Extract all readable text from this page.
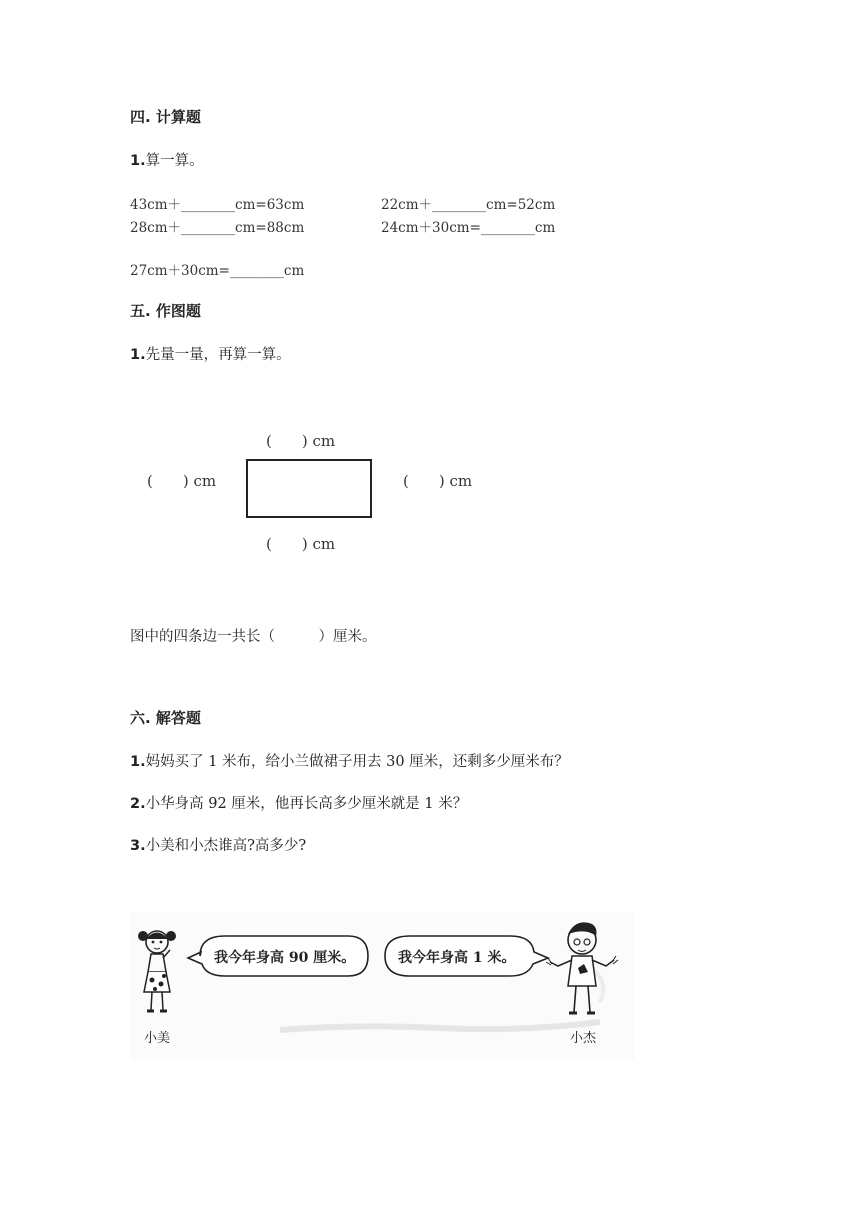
四. 计算题
1.算一算。
43cm＋________cm=63cm	22cm＋________cm=52cm
28cm＋________cm=88cm	24cm＋30cm=________cm
27cm＋30cm=________cm
五. 作图题
1.先量一量，再算一算。
(　　) cm
(　　) cm	(　　) cm
(　　) cm
图中的四条边一共长（　　　）厘米。
六. 解答题
1.妈妈买了 1 米布，给小兰做裙子用去 30 厘米，还剩多少厘米布？
2.小华身高 92 厘米，他再长高多少厘米就是 1 米？
3.小美和小杰谁高?高多少?
小美
我今年身高 90 厘米。	我今年身高 1 米。
小杰
